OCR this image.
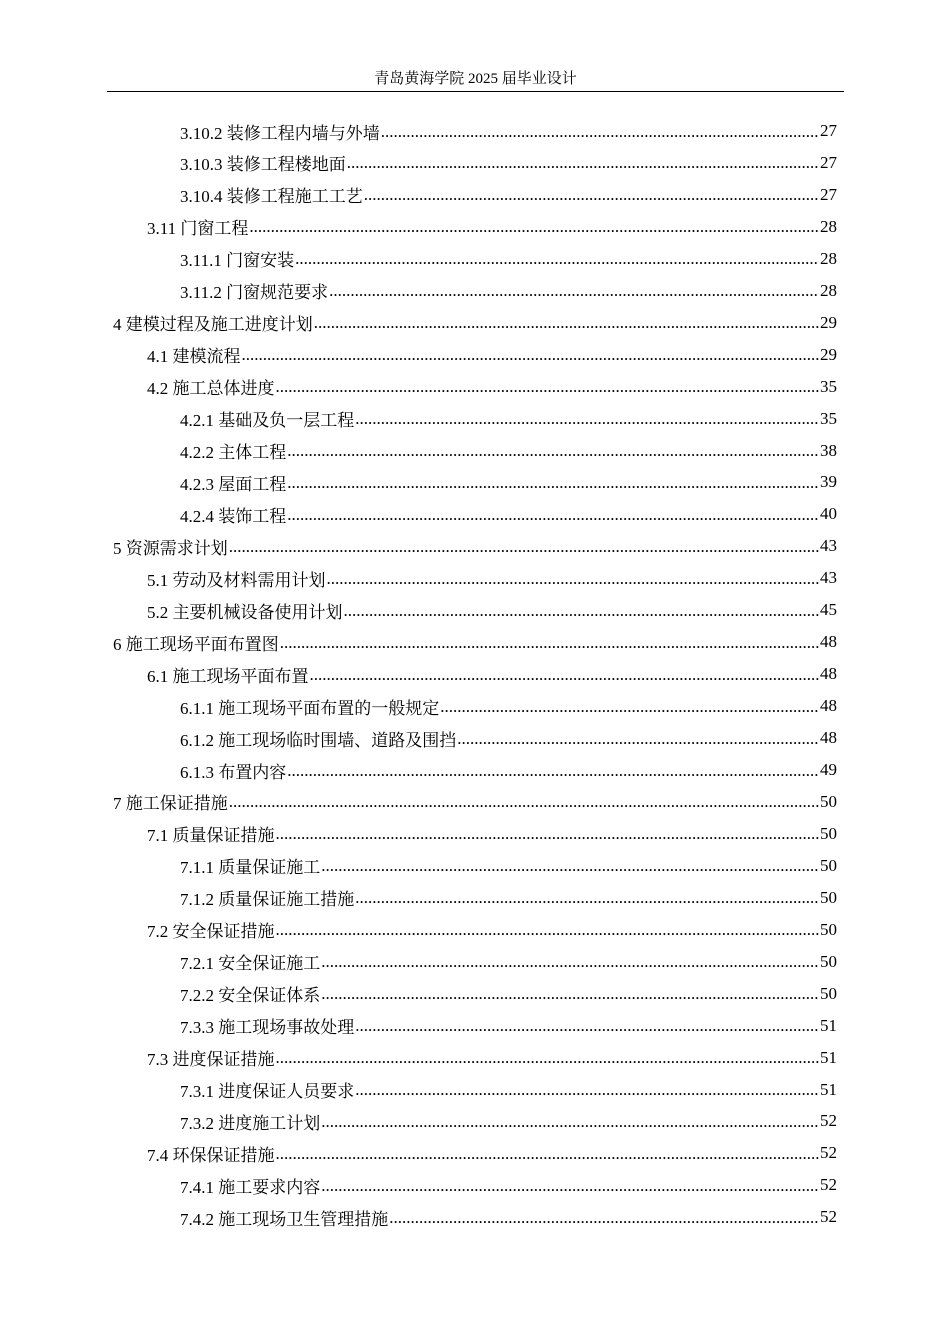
青岛黄海学院 2025 届毕业设计
3.10.2 装修工程内墙与外墙 .....	27
3.10.3 装修工程楼地面 .....	27
3.10.4 装修工程施工工艺 .....	27
3.11 门窗工程 .....	28
3.11.1 门窗安装 .....	28
3.11.2 门窗规范要求 .....	28
4 建模过程及施工进度计划 .....	29
4.1 建模流程 .....	29
4.2 施工总体进度 .....	35
4.2.1 基础及负一层工程 .....	35
4.2.2 主体工程 .....	38
4.2.3 屋面工程 .....	39
4.2.4 装饰工程 .....	40
5 资源需求计划 .....	43
5.1 劳动及材料需用计划 .....	43
5.2 主要机械设备使用计划 .....	45
6 施工现场平面布置图 .....	48
6.1 施工现场平面布置 .....	48
6.1.1 施工现场平面布置的一般规定 .....	48
6.1.2 施工现场临时围墙、道路及围挡 .....	48
6.1.3 布置内容 .....	49
7 施工保证措施 .....	50
7.1 质量保证措施 .....	50
7.1.1 质量保证施工 .....	50
7.1.2 质量保证施工措施 .....	50
7.2 安全保证措施 .....	50
7.2.1 安全保证施工 .....	50
7.2.2 安全保证体系 .....	50
7.3.3 施工现场事故处理 .....	51
7.3 进度保证措施 .....	51
7.3.1 进度保证人员要求 .....	51
7.3.2 进度施工计划 .....	52
7.4 环保保证措施 .....	52
7.4.1 施工要求内容 .....	52
7.4.2 施工现场卫生管理措施 .....	52
